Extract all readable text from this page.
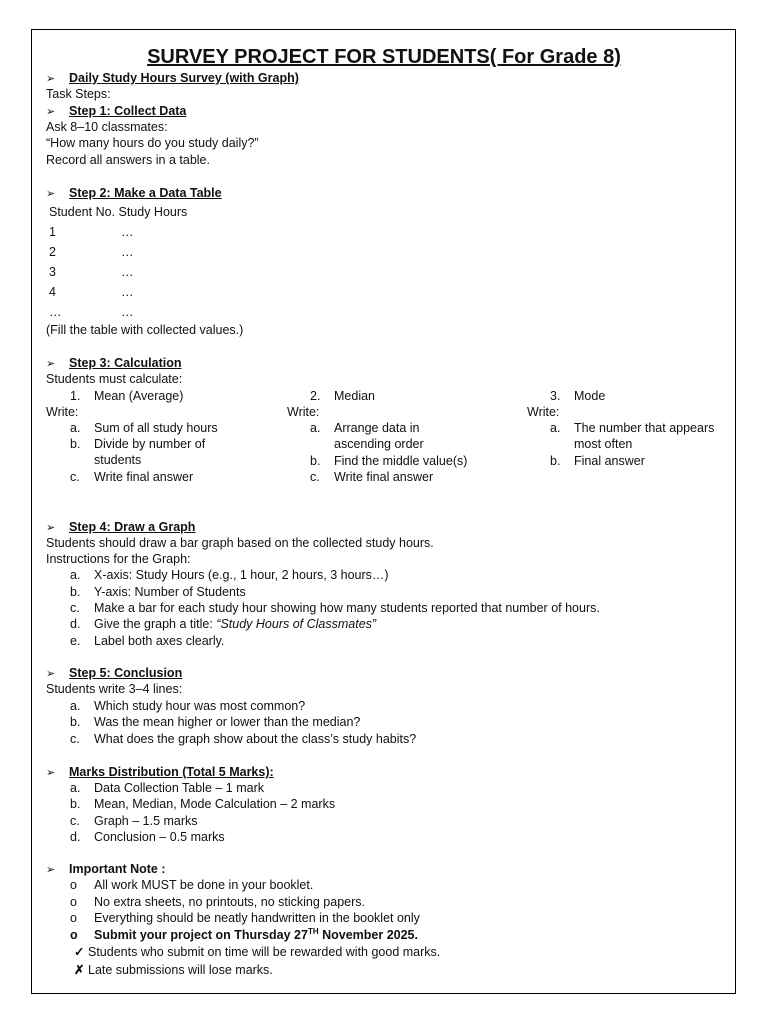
SURVEY PROJECT FOR STUDENTS( For Grade 8)
➢ Daily Study Hours Survey (with Graph)
Task Steps:
➢ Step 1: Collect Data
Ask 8–10 classmates:
“How many hours do you study daily?”
Record all answers in a table.
➢ Step 2: Make a Data Table
Student No. Study Hours
1	…
2	…
3	…
4	…
…	…
(Fill the table with collected values.)
➢ Step 3: Calculation
Students must calculate:
1. Mean (Average)
Write:
a. Sum of all study hours
b.	Divide by number of students
c. Write final answer
2. Median
Write:
a.	Arrange data in ascending order
b. Find the middle value(s)
c. Write final answer
3. Mode
Write:
a.	The number that appears most often
b. Final answer
➢ Step 4: Draw a Graph
Students should draw a bar graph based on the collected study hours.
Instructions for the Graph:
a. X-axis: Study Hours (e.g., 1 hour, 2 hours, 3 hours…)
b. Y-axis: Number of Students
c. Make a bar for each study hour showing how many students reported that number of hours.
d. Give the graph a title: “Study Hours of Classmates”
e. Label both axes clearly.
➢ Step 5: Conclusion
Students write 3–4 lines:
a. Which study hour was most common?
b. Was the mean higher or lower than the median?
c. What does the graph show about the class’s study habits?
➢ Marks Distribution (Total 5 Marks):
a. Data Collection Table – 1 mark
b. Mean, Median, Mode Calculation – 2 marks
c. Graph – 1.5 marks
d. Conclusion – 0.5 marks
➢ Important Note :
o All work MUST be done in your booklet.
o No extra sheets, no printouts, no sticking papers.
o Everything should be neatly handwritten in the booklet only
o Submit your project on Thursday 27TH November 2025.
✓ Students who submit on time will be rewarded with good marks.
✗ Late submissions will lose marks.
